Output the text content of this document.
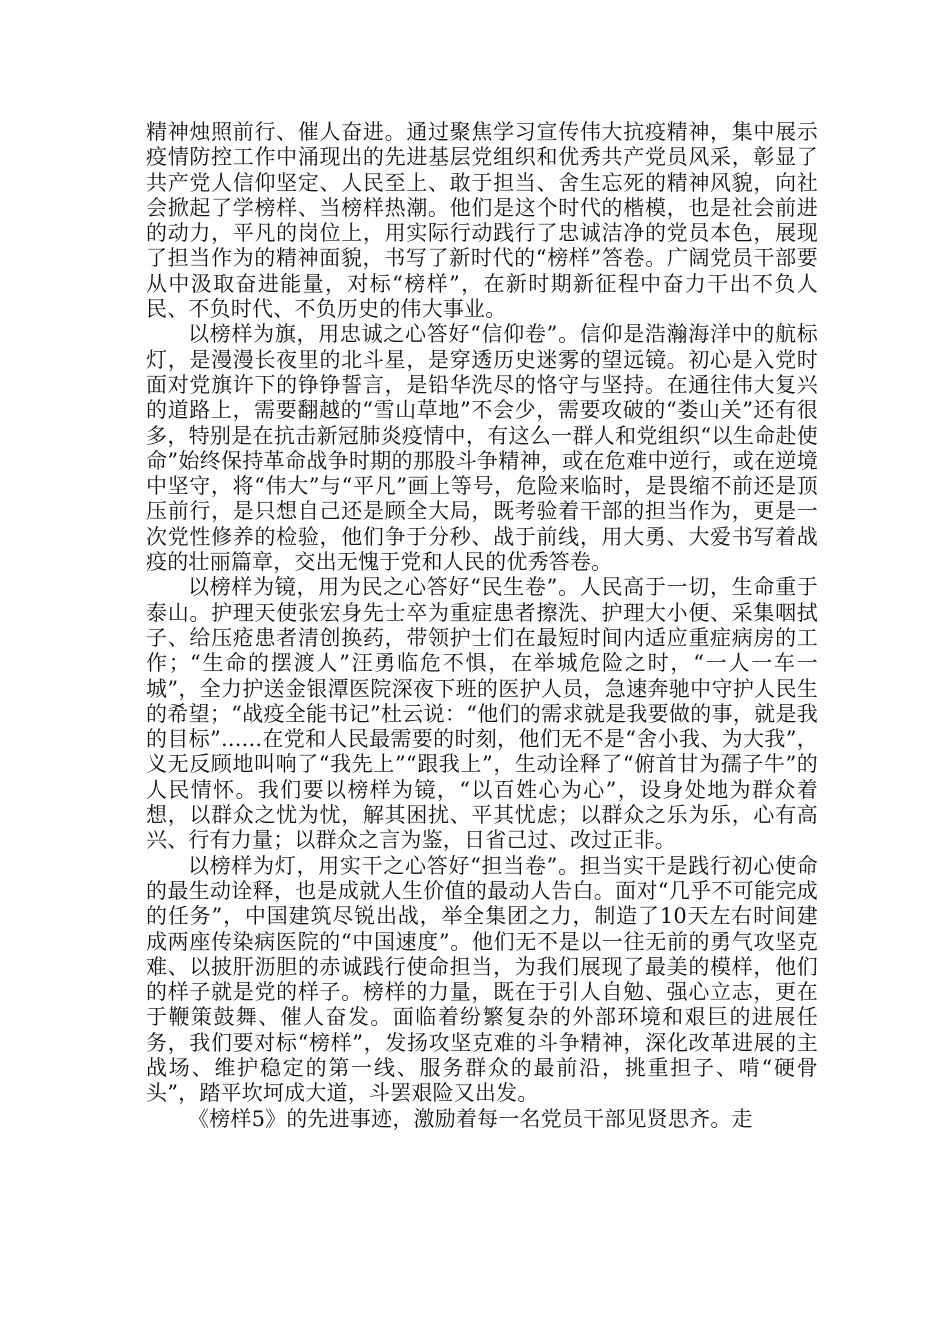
精神烛照前行、催人奋进。通过聚焦学习宣传伟大抗疫精神，集中展示疫情防控工作中涌现出的先进基层党组织和优秀共产党员风采，彰显了共产党人信仰坚定、人民至上、敢于担当、舍生忘死的精神风貌，向社会掀起了学榜样、当榜样热潮。他们是这个时代的楷模，也是社会前进的动力，平凡的岗位上，用实际行动践行了忠诚洁净的党员本色，展现了担当作为的精神面貌，书写了新时代的“榜样”答卷。广阔党员干部要从中汲取奋进能量，对标“榜样”，在新时期新征程中奋力干出不负人民、不负时代、不负历史的伟大事业。

以榜样为旗，用忠诚之心答好“信仰卷”。信仰是浩瀚海洋中的航标灯，是漫漫长夜里的北斗星，是穿透历史迷雾的望远镜。初心是入党时面对党旗许下的铮铮誓言，是铅华洗尽的恪守与坚持。在通往伟大复兴的道路上，需要翻越的“雪山草地”不会少，需要攻破的“娄山关”还有很多，特别是在抗击新冠肺炎疫情中，有这么一群人和党组织“以生命赴使命”始终保持革命战争时期的那股斗争精神，或在危难中逆行，或在逆境中坚守，将“伟大”与“平凡”画上等号，危险来临时，是畏缩不前还是顶压前行，是只想自己还是顾全大局，既考验着干部的担当作为，更是一次党性修养的检验，他们争于分秒、战于前线，用大勇、大爱书写着战疫的壮丽篇章，交出无愧于党和人民的优秀答卷。

以榜样为镜，用为民之心答好“民生卷”。人民高于一切，生命重于泰山。护理天使张宏身先士卒为重症患者擦洗、护理大小便、采集咽拭子、给压疮患者清创换药，带领护士们在最短时间内适应重症病房的工作；“生命的摆渡人”汪勇临危不惧，在举城危险之时，“一人一车一城”，全力护送金银潭医院深夜下班的医护人员，急速奔驰中守护人民生的希望；“战疫全能书记”杜云说：“他们的需求就是我要做的事，就是我的目标”......在党和人民最需要的时刻，他们无不是“舍小我、为大我”，义无反顾地叫响了“我先上”“跟我上”，生动诠释了“俯首甘为孺子牛”的人民情怀。我们要以榜样为镜，“以百姓心为心”，设身处地为群众着想，以群众之忧为忧，解其困扰、平其忧虑；以群众之乐为乐，心有高兴、行有力量；以群众之言为鉴，日省己过、改过正非。

以榜样为灯，用实干之心答好“担当卷”。担当实干是践行初心使命的最生动诠释，也是成就人生价值的最动人告白。面对“几乎不可能完成的任务”，中国建筑尽锐出战，举全集团之力，制造了10天左右时间建成两座传染病医院的“中国速度”。他们无不是以一往无前的勇气攻坚克难、以披肝沥胆的赤诚践行使命担当，为我们展现了最美的模样，他们的样子就是党的样子。榜样的力量，既在于引人自勉、强心立志，更在于鞭策鼓舞、催人奋发。面临着纷繁复杂的外部环境和艰巨的进展任务，我们要对标“榜样”，发扬攻坚克难的斗争精神，深化改革进展的主战场、维护稳定的第一线、服务群众的最前沿，挑重担子、啃“硬骨头”，踏平坎坷成大道，斗罢艰险又出发。

《榜样5》的先进事迹，激励着每一名党员干部见贤思齐。走
